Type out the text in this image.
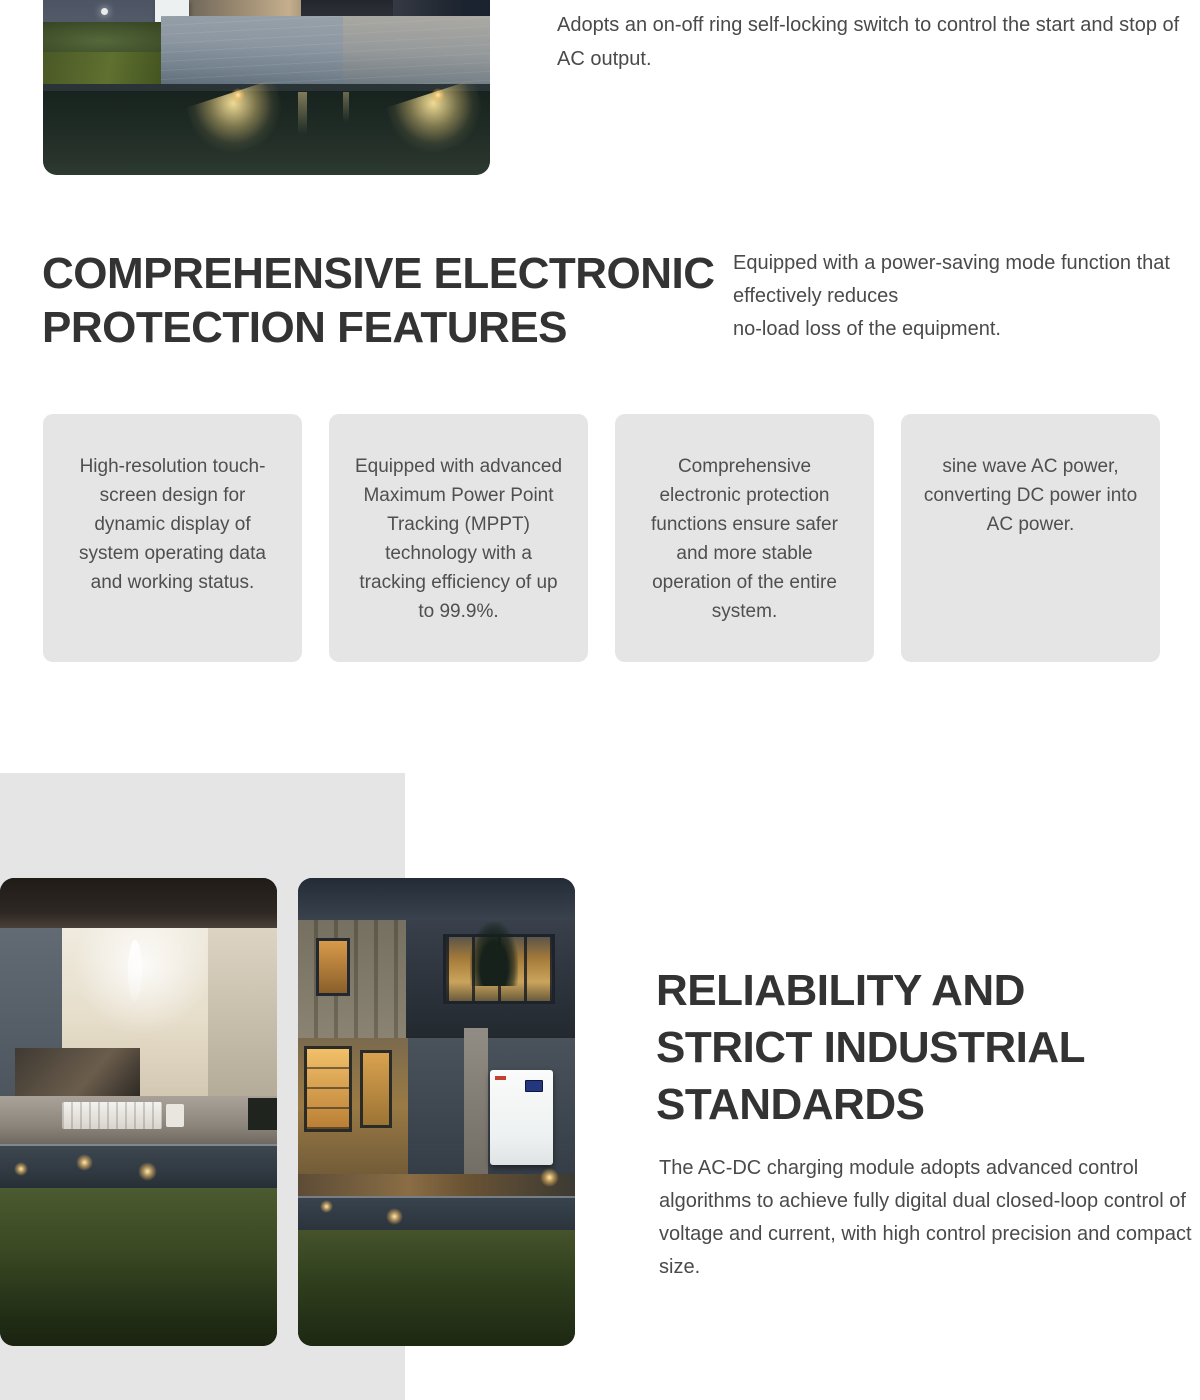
Adopts an on-off ring self-locking switch to control the start and stop of AC output.
COMPREHENSIVE ELECTRONIC
PROTECTION FEATURES
Equipped with a power-saving mode function that
effectively reduces
no-load loss of the equipment.
High-resolution touch-screen design for dynamic display of system operating data and working status.
Equipped with advanced Maximum Power Point Tracking (MPPT) technology with a tracking efficiency of up to 99.9%.
Comprehensive electronic protection functions ensure safer and more stable operation of the entire system.
sine wave AC power, converting DC power into AC power.
RELIABILITY AND
STRICT INDUSTRIAL
STANDARDS
The AC-DC charging module adopts advanced control algorithms to achieve fully digital dual closed-loop control of voltage and current, with high control precision and compact size.
